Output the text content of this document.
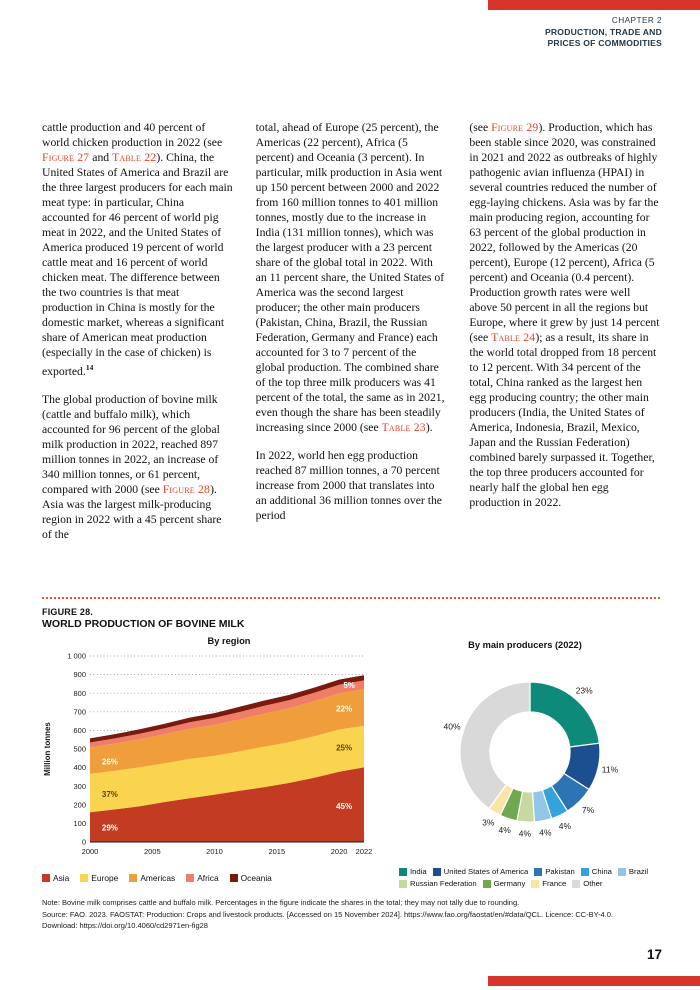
CHAPTER 2
PRODUCTION, TRADE AND
PRICES OF COMMODITIES

cattle production and 40 percent of world chicken production in 2022 (see Figure 27 and Table 22). China, the United States of America and Brazil are the three largest producers for each main meat type: in particular, China accounted for 46 percent of world pig meat in 2022, and the United States of America produced 19 percent of world cattle meat and 16 percent of world chicken meat. The difference between the two countries is that meat production in China is mostly for the domestic market, whereas a significant share of American meat production (especially in the case of chicken) is exported.$^{14}$

The global production of bovine milk (cattle and buffalo milk), which accounted for 96 percent of the global milk production in 2022, reached 897 million tonnes in 2022, an increase of 340 million tonnes, or 61 percent, compared with 2000 (see Figure 28). Asia was the largest milk-producing region in 2022 with a 45 percent share of the

total, ahead of Europe (25 percent), the Americas (22 percent), Africa (5 percent) and Oceania (3 percent). In particular, milk production in Asia went up 150 percent between 2000 and 2022 from 160 million tonnes to 401 million tonnes, mostly due to the increase in India (131 million tonnes), which was the largest producer with a 23 percent share of the global total in 2022. With an 11 percent share, the United States of America was the second largest producer; the other main producers (Pakistan, China, Brazil, the Russian Federation, Germany and France) each accounted for 3 to 7 percent of the global production. The combined share of the top three milk producers was 41 percent of the total, the same as in 2021, even though the share has been steadily increasing since 2000 (see Table 23).

In 2022, world hen egg production reached 87 million tonnes, a 70 percent increase from 2000 that translates into an additional 36 million tonnes over the period

(see Figure 29). Production, which has been stable since 2020, was constrained in 2021 and 2022 as outbreaks of highly pathogenic avian influenza (HPAI) in several countries reduced the number of egg-laying chickens. Asia was by far the main producing region, accounting for 63 percent of the global production in 2022, followed by the Americas (20 percent), Europe (12 percent), Africa (5 percent) and Oceania (0.4 percent). Production growth rates were well above 50 percent in all the regions but Europe, where it grew by just 14 percent (see Table 24); as a result, its share in the world total dropped from 18 percent to 12 percent. With 34 percent of the total, China ranked as the largest hen egg producing country; the other main producers (India, the United States of America, Indonesia, Brazil, Mexico, Japan and the Russian Federation) combined barely surpassed it. Together, the top three producers accounted for nearly half the global hen egg production in 2022.

FIGURE 28.
WORLD PRODUCTION OF BOVINE MILK
By region
1 000
900
800
700
600
500
400
300
200
100
0
2000	2005	2010	2015	2020 2022
29%
37%
26%
45%
25%
22%
5%
Million tonnes
By main producers (2022)
23%
11%
7%
4%
4%
4%
4%
3%
40%
Asia	Europe	Americas	Africa	Oceania
India United States of America Pakistan China Brazil
Russian Federation Germany France Other
Note: Bovine milk comprises cattle and buffalo milk. Percentages in the figure indicate the shares in the total; they may not tally due to rounding.
Source: FAO. 2023. FAOSTAT: Production: Crops and livestock products. [Accessed on 15 November 2024]. https://www.fao.org/faostat/en/#data/QCL. Licence: CC-BY-4.0.
Download: https://doi.org/10.4060/cd2971en-fig28
17
